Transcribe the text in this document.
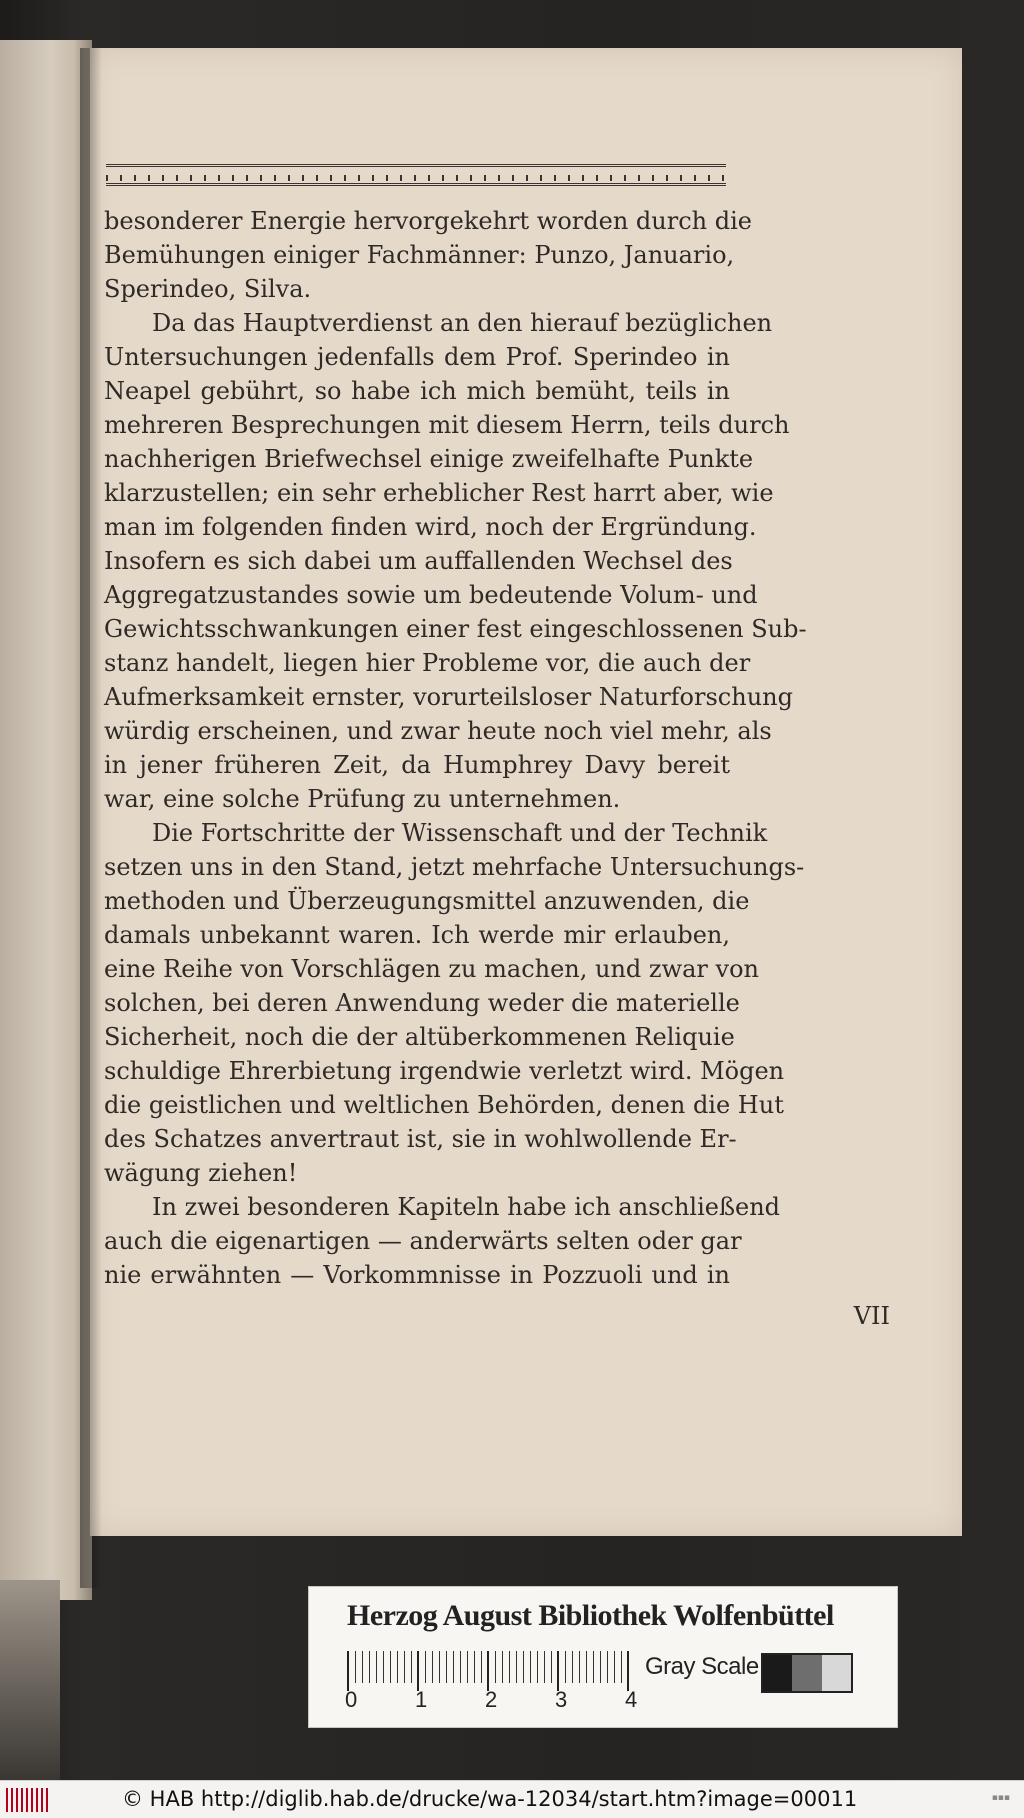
besonderer Energie hervorgekehrt worden durch die
Bemühungen einiger Fachmänner: Punzo, Januario,
Sperindeo, Silva.
Da das Hauptverdienst an den hierauf bezüglichen
Untersuchungen jedenfalls dem Prof. Sperindeo in
Neapel gebührt, so habe ich mich bemüht, teils in
mehreren Besprechungen mit diesem Herrn, teils durch
nachherigen Briefwechsel einige zweifelhafte Punkte
klarzustellen; ein sehr erheblicher Rest harrt aber, wie
man im folgenden finden wird, noch der Ergründung.
Insofern es sich dabei um auffallenden Wechsel des
Aggregatzustandes sowie um bedeutende Volum- und
Gewichtsschwankungen einer fest eingeschlossenen Sub-
stanz handelt, liegen hier Probleme vor, die auch der
Aufmerksamkeit ernster, vorurteilsloser Naturforschung
würdig erscheinen, und zwar heute noch viel mehr, als
in jener früheren Zeit, da Humphrey Davy bereit
war, eine solche Prüfung zu unternehmen.
Die Fortschritte der Wissenschaft und der Technik
setzen uns in den Stand, jetzt mehrfache Untersuchungs-
methoden und Überzeugungsmittel anzuwenden, die
damals unbekannt waren. Ich werde mir erlauben,
eine Reihe von Vorschlägen zu machen, und zwar von
solchen, bei deren Anwendung weder die materielle
Sicherheit, noch die der altüberkommenen Reliquie
schuldige Ehrerbietung irgendwie verletzt wird. Mögen
die geistlichen und weltlichen Behörden, denen die Hut
des Schatzes anvertraut ist, sie in wohlwollende Er-
wägung ziehen!
In zwei besonderen Kapiteln habe ich anschließend
auch die eigenartigen — anderwärts selten oder gar
nie erwähnten — Vorkommnisse in Pozzuoli und in
VII
Herzog August Bibliothek Wolfenbüttel
0	1	2	3	4
Gray Scale
© HAB http://diglib.hab.de/drucke/wa-12034/start.htm?image=00011	▪▪▪
